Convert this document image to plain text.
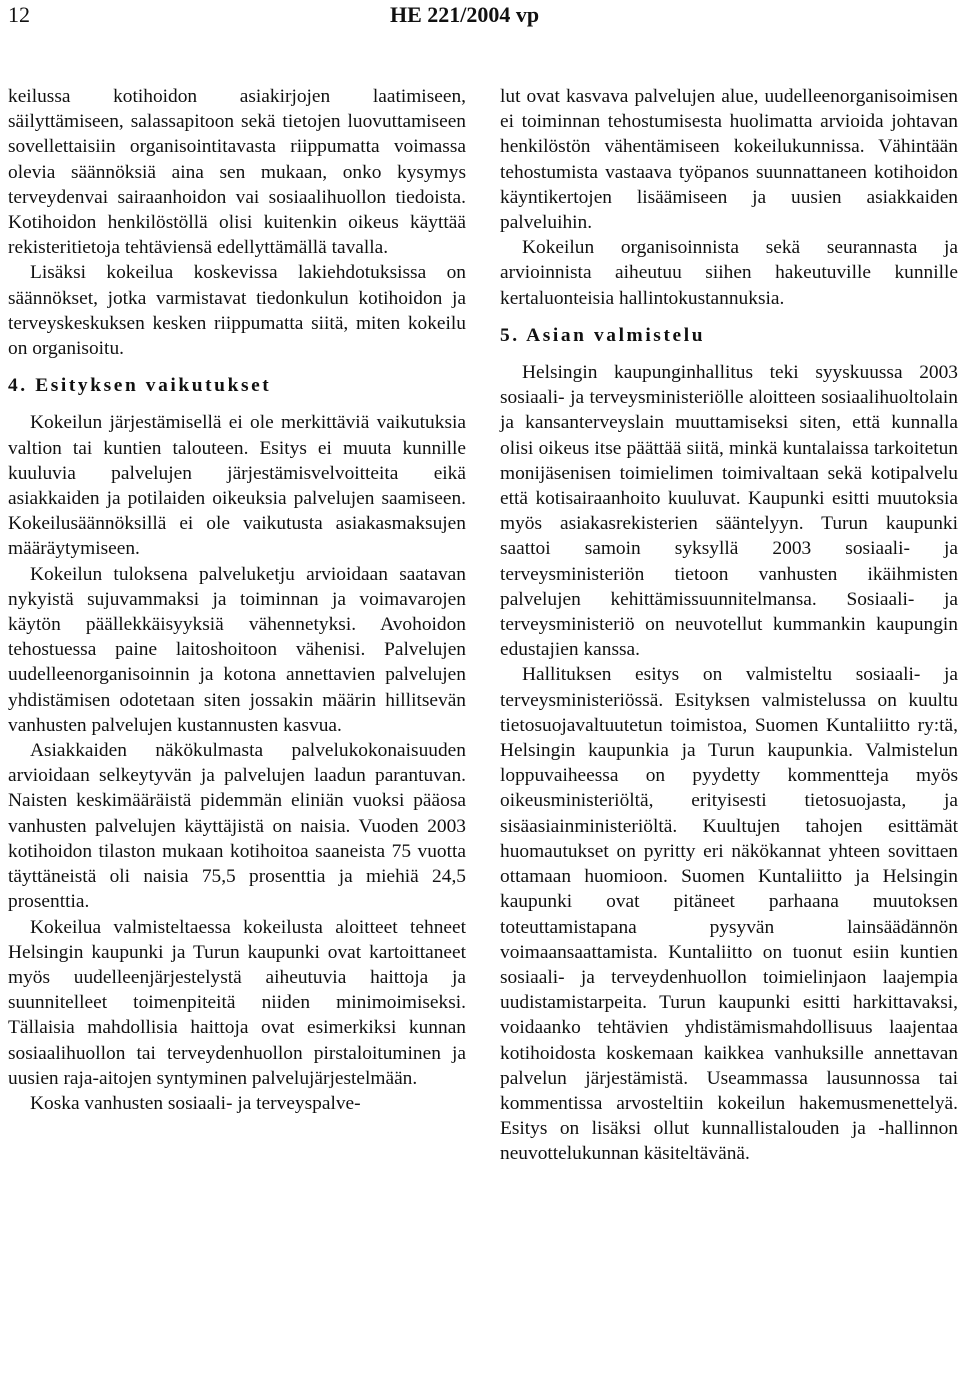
12	HE 221/2004 vp

keilussa kotihoidon asiakirjojen laatimiseen, säilyttämiseen, salassapitoon sekä tietojen luovuttamiseen sovellettaisiin organisointitavasta riippumatta voimassa olevia säännöksiä aina sen mukaan, onko kysymys terveydenvai sairaanhoidon vai sosiaalihuollon tiedoista. Kotihoidon henkilöstöllä olisi kuitenkin oikeus käyttää rekisteritietoja tehtäviensä edellyttämällä tavalla.

Lisäksi kokeilua koskevissa lakiehdotuksissa on säännökset, jotka varmistavat tiedonkulun kotihoidon ja terveyskeskuksen kesken riippumatta siitä, miten kokeilu on organisoitu.

4. Esityksen vaikutukset

Kokeilun järjestämisellä ei ole merkittäviä vaikutuksia valtion tai kuntien talouteen. Esitys ei muuta kunnille kuuluvia palvelujen järjestämisvelvoitteita eikä asiakkaiden ja potilaiden oikeuksia palvelujen saamiseen. Kokeilusäännöksillä ei ole vaikutusta asiakasmaksujen määräytymiseen.

Kokeilun tuloksena palveluketju arvioidaan saatavan nykyistä sujuvammaksi ja toiminnan ja voimavarojen käytön päällekkäisyyksiä vähennetyksi. Avohoidon tehostuessa paine laitoshoitoon vähenisi. Palvelujen uudelleenorganisoinnin ja kotona annettavien palvelujen yhdistämisen odotetaan siten jossakin määrin hillitsevän vanhusten palvelujen kustannusten kasvua.

Asiakkaiden näkökulmasta palvelukokonaisuuden arvioidaan selkeytyvän ja palvelujen laadun parantuvan. Naisten keskimääräistä pidemmän eliniän vuoksi pääosa vanhusten palvelujen käyttäjistä on naisia. Vuoden 2003 kotihoidon tilaston mukaan kotihoitoa saaneista 75 vuotta täyttäneistä oli naisia 75,5 prosenttia ja miehiä 24,5 prosenttia.

Kokeilua valmisteltaessa kokeilusta aloitteet tehneet Helsingin kaupunki ja Turun kaupunki ovat kartoittaneet myös uudelleenjärjestelystä aiheutuvia haittoja ja suunnitelleet toimenpiteitä niiden minimoimiseksi. Tällaisia mahdollisia haittoja ovat esimerkiksi kunnan sosiaalihuollon tai terveydenhuollon pirstaloituminen ja uusien raja-aitojen syntyminen palvelujärjestelmään.

Koska vanhusten sosiaali- ja terveyspalve-

lut ovat kasvava palvelujen alue, uudelleenorganisoimisen ei toiminnan tehostumisesta huolimatta arvioida johtavan henkilöstön vähentämiseen kokeilukunnissa. Vähintään tehostumista vastaava työpanos suunnattaneen kotihoidon käyntikertojen lisäämiseen ja uusien asiakkaiden palveluihin.

Kokeilun organisoinnista sekä seurannasta ja arvioinnista aiheutuu siihen hakeutuville kunnille kertaluonteisia hallintokustannuksia.

5. Asian valmistelu

Helsingin kaupunginhallitus teki syyskuussa 2003 sosiaali- ja terveysministeriölle aloitteen sosiaalihuoltolain ja kansanterveyslain muuttamiseksi siten, että kunnalla olisi oikeus itse päättää siitä, minkä kuntalaissa tarkoitetun monijäsenisen toimielimen toimivaltaan sekä kotipalvelu että kotisairaanhoito kuuluvat. Kaupunki esitti muutoksia myös asiakasrekisterien sääntelyyn. Turun kaupunki saattoi samoin syksyllä 2003 sosiaali- ja terveysministeriön tietoon vanhusten ikäihmisten palvelujen kehittämissuunnitelmansa. Sosiaali- ja terveysministeriö on neuvotellut kummankin kaupungin edustajien kanssa.

Hallituksen esitys on valmisteltu sosiaali- ja terveysministeriössä. Esityksen valmistelussa on kuultu tietosuojavaltuutetun toimistoa, Suomen Kuntaliitto ry:tä, Helsingin kaupunkia ja Turun kaupunkia. Valmistelun loppuvaiheessa on pyydetty kommentteja myös oikeusministeriöltä, erityisesti tietosuojasta, ja sisäasiainministeriöltä. Kuultujen tahojen esittämät huomautukset on pyritty eri näkökannat yhteen sovittaen ottamaan huomioon. Suomen Kuntaliitto ja Helsingin kaupunki ovat pitäneet parhaana muutoksen toteuttamistapana pysyvän lainsäädännön voimaansaattamista. Kuntaliitto on tuonut esiin kuntien sosiaali- ja terveydenhuollon toimielinjaon laajempia uudistamistarpeita. Turun kaupunki esitti harkittavaksi, voidaanko tehtävien yhdistämismahdollisuus laajentaa kotihoidosta koskemaan kaikkea vanhuksille annettavan palvelun järjestämistä. Useammassa lausunnossa tai kommentissa arvosteltiin kokeilun hakemusmenettelyä. Esitys on lisäksi ollut kunnallistalouden ja -hallinnon neuvottelukunnan käsiteltävänä.
